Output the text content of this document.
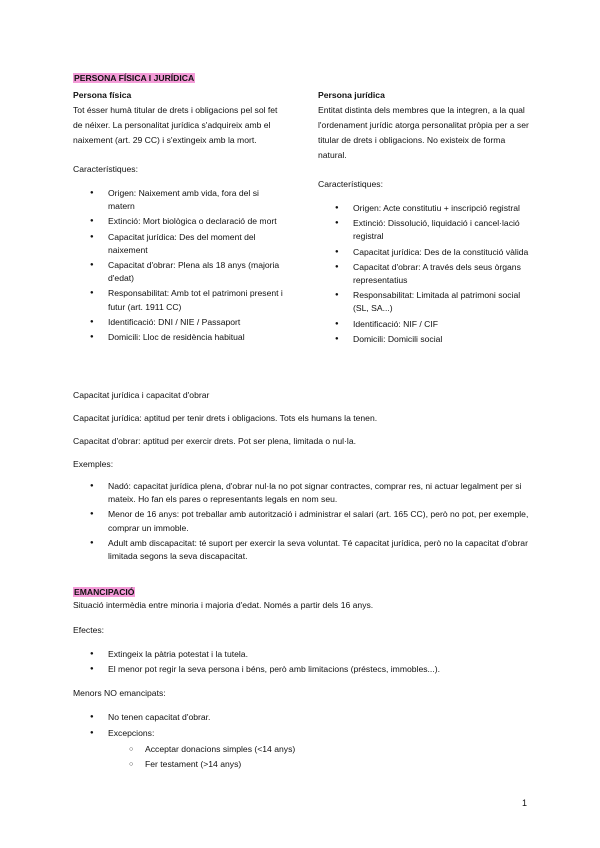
PERSONA FÍSICA I JURÍDICA
Persona física

Tot ésser humà titular de drets i obligacions pel sol fet de néixer. La personalitat jurídica s'adquireix amb el naixement (art. 29 CC) i s'extingeix amb la mort.

Característiques:

● Origen: Naixement amb vida, fora del si matern
● Extinció: Mort biològica o declaració de mort
● Capacitat jurídica: Des del moment del naixement
● Capacitat d'obrar: Plena als 18 anys (majoria d'edat)
● Responsabilitat: Amb tot el patrimoni present i futur (art. 1911 CC)
● Identificació: DNI / NIE / Passaport
● Domicili: Lloc de residència habitual
Persona jurídica

Entitat distinta dels membres que la integren, a la qual l'ordenament jurídic atorga personalitat pròpia per a ser titular de drets i obligacions. No existeix de forma natural.

Característiques:

● Origen: Acte constitutiu + inscripció registral
● Extinció: Dissolució, liquidació i cancel·lació registral
● Capacitat jurídica: Des de la constitució vàlida
● Capacitat d'obrar: A través dels seus òrgans representatius
● Responsabilitat: Limitada al patrimoni social (SL, SA...)
● Identificació: NIF / CIF
● Domicili: Domicili social

Capacitat jurídica i capacitat d'obrar

Capacitat jurídica: aptitud per tenir drets i obligacions. Tots els humans la tenen.

Capacitat d'obrar: aptitud per exercir drets. Pot ser plena, limitada o nul·la.

Exemples:

● Nadó: capacitat jurídica plena, d'obrar nul·la no pot signar contractes, comprar res, ni actuar legalment per si mateix. Ho fan els pares o representants legals en nom seu.
● Menor de 16 anys: pot treballar amb autorització i administrar el salari (art. 165 CC), però no pot, per exemple, comprar un immoble.
● Adult amb discapacitat: té suport per exercir la seva voluntat. Té capacitat jurídica, però no la capacitat d'obrar limitada segons la seva discapacitat.
EMANCIPACIÓ

Situació intermèdia entre minoria i majoria d'edat. Només a partir dels 16 anys.

Efectes:

● Extingeix la pàtria potestat i la tutela.
● El menor pot regir la seva persona i béns, però amb limitacions (préstecs, immobles...).

Menors NO emancipats:

● No tenen capacitat d'obrar.
● Excepcions:
○ Acceptar donacions simples (<14 anys)
○ Fer testament (>14 anys)
1
